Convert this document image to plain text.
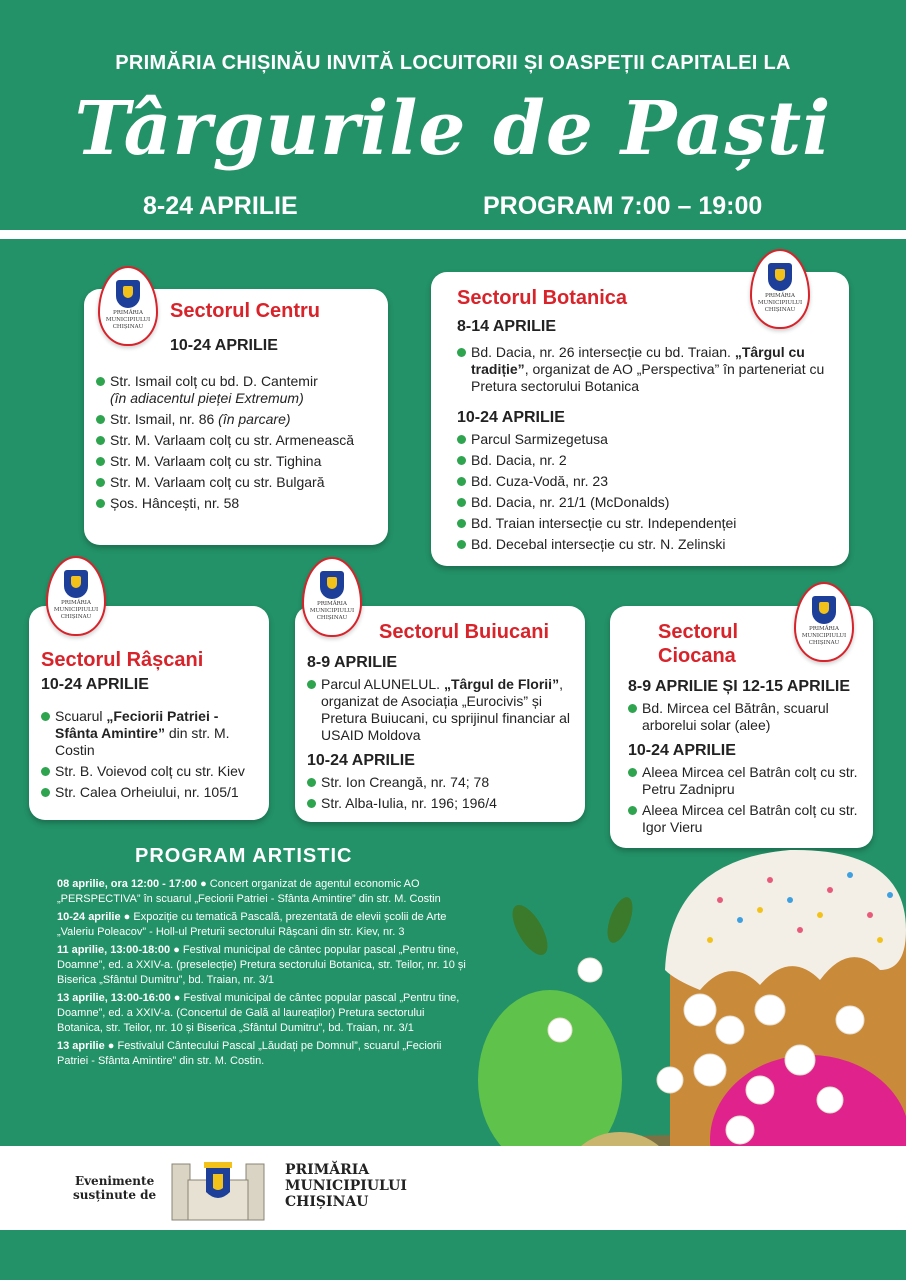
PRIMĂRIA CHIȘINĂU INVITĂ LOCUITORII ȘI OASPEȚII CAPITALEI LA
Târgurile de Paști
8-24 APRILIE	PROGRAM 7:00 – 19:00
Sectorul Centru
10-24 APRILIE
Str. Ismail colț cu bd. D. Cantemir
(în adiacentul pieței Extremum)
Str. Ismail, nr. 86 (în parcare)
Str. M. Varlaam colț cu str. Armenească
Str. M. Varlaam colț cu str. Tighina
Str. M. Varlaam colț cu str. Bulgară
Șos. Hâncești, nr. 58
PRIMĂRIA MUNICIPIULUI CHIȘINAU
Sectorul Botanica
8-14 APRILIE
Bd. Dacia, nr. 26 intersecție cu bd. Traian. „Târgul cu tradiție”, organizat de AO „Perspectiva” în parteneriat cu Pretura sectorului Botanica
10-24 APRILIE
Parcul Sarmizegetusa
Bd. Dacia, nr. 2
Bd. Cuza-Vodă, nr. 23
Bd. Dacia, nr. 21/1 (McDonalds)
Bd. Traian intersecție cu str. Independenței
Bd. Decebal intersecție cu str. N. Zelinski
PRIMĂRIA MUNICIPIULUI CHIȘINAU
Sectorul Râșcani
10-24 APRILIE
Scuarul „Feciorii Patriei - Sfânta Amintire” din str. M. Costin
Str. B. Voievod colț cu str. Kiev
Str. Calea Orheiului, nr. 105/1
PRIMĂRIA MUNICIPIULUI CHIȘINAU
Sectorul Buiucani
8-9 APRILIE
Parcul ALUNELUL. „Târgul de Florii”, organizat de Asociația „Eurocivis” și Pretura Buiucani, cu sprijinul financiar al USAID Moldova
10-24 APRILIE
Str. Ion Creangă, nr. 74; 78
Str. Alba-Iulia, nr. 196; 196/4
PRIMĂRIA MUNICIPIULUI CHIȘINAU
Sectorul
Ciocana
8-9 APRILIE ȘI 12-15 APRILIE
Bd. Mircea cel Bătrân, scuarul arborelui solar (alee)
10-24 APRILIE
Aleea Mircea cel Batrân colț cu str. Petru Zadnipru
Aleea Mircea cel Batrân colț cu str. Igor Vieru
PRIMĂRIA MUNICIPIULUI CHIȘINAU
PROGRAM ARTISTIC

08 aprilie, ora 12:00 - 17:00 ● Concert organizat de agentul economic AO „PERSPECTIVA” în scuarul „Feciorii Patriei - Sfânta Amintire” din str. M. Costin

10-24 aprilie ● Expoziție cu tematică Pascală, prezentată de elevii școlii de Arte „Valeriu Poleacov” - Holl-ul Preturii sectorului Râșcani din str. Kiev, nr. 3

11 aprilie, 13:00-18:00 ● Festival municipal de cântec popular pascal „Pentru tine, Doamne”, ed. a XXIV-a. (preselecție) Pretura sectorului Botanica, str. Teilor, nr. 10 și Biserica „Sfântul Dumitru”, bd. Traian, nr. 3/1

13 aprilie, 13:00-16:00 ● Festival municipal de cântec popular pascal „Pentru tine, Doamne”, ed. a XXIV-a. (Concertul de Gală al laureaților) Pretura sectorului Botanica, str. Teilor, nr. 10 și Biserica „Sfântul Dumitru”, bd. Traian, nr. 3/1

13 aprilie ● Festivalul Cântecului Pascal „Lăudați pe Domnul”, scuarul „Feciorii Patriei - Sfânta Amintire” din str. M. Costin.

Evenimente
susținute de
PRIMĂRIA
MUNICIPIULUI
CHIȘINAU
